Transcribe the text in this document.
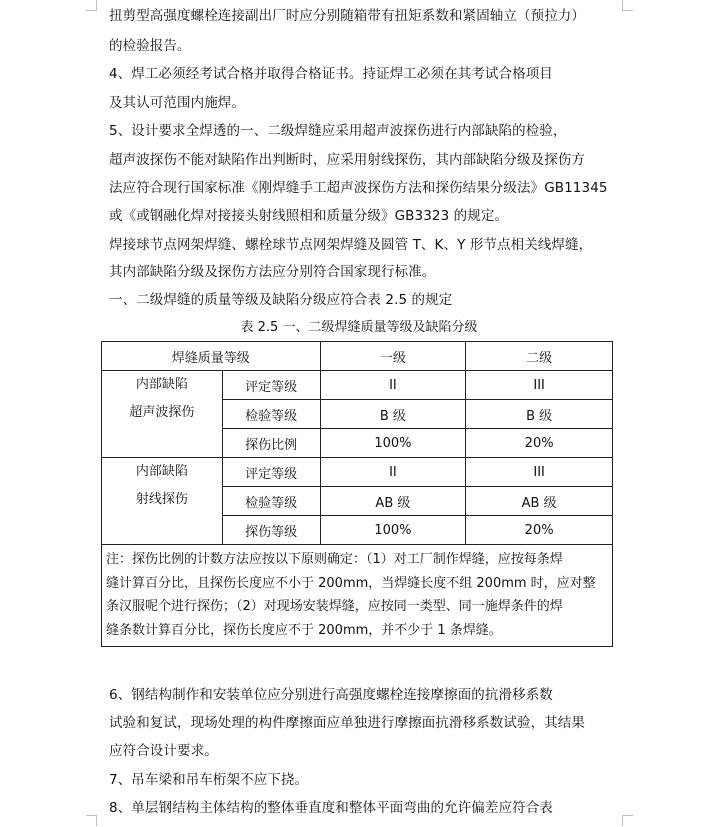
扭剪型高强度螺栓连接副出厂时应分别随箱带有扭矩系数和紧固轴立（预拉力）
的检验报告。
4、焊工必须经考试合格并取得合格证书。持证焊工必须在其考试合格项目
及其认可范围内施焊。
5、设计要求全焊透的一、二级焊缝应采用超声波探伤进行内部缺陷的检验，
超声波探伤不能对缺陷作出判断时，应采用射线探伤，其内部缺陷分级及探伤方
法应符合现行国家标准《刚焊缝手工超声波探伤方法和探伤结果分级法》GB11345
或《或钢融化焊对接接头射线照相和质量分级》GB3323 的规定。
焊接球节点网架焊缝、螺栓球节点网架焊缝及圆管 T、K、Y 形节点相关线焊缝，
其内部缺陷分级及探伤方法应分别符合国家现行标准。
一、二级焊缝的质量等级及缺陷分级应符合表 2.5 的规定
表 2.5 一、二级焊缝质量等级及缺陷分级
焊缝质量等级		一级	二级

内部缺陷
超声波探伤	评定等级	II	III
	检验等级	B 级	B 级
	探伤比例	100%	20%

内部缺陷
射线探伤	评定等级	II	III
	检验等级	AB 级	AB 级
	探伤等级	100%	20%

注：探伤比例的计数方法应按以下原则确定：（1）对工厂制作焊缝，应按每条焊
缝计算百分比，且探伤长度应不小于 200mm，当焊缝长度不组 200mm 时，应对整
条汉服呢个进行探伤；（2）对现场安装焊缝，应按同一类型、同一施焊条件的焊
缝条数计算百分比，探伤长度应不于 200mm，并不少于 1 条焊缝。			
6、钢结构制作和安装单位应分别进行高强度螺栓连接摩擦面的抗滑移系数
试验和复试，现场处理的构件摩擦面应单独进行摩擦面抗滑移系数试验，其结果
应符合设计要求。
7、吊车梁和吊车桁架不应下挠。
8、单层钢结构主体结构的整体垂直度和整体平面弯曲的允许偏差应符合表
